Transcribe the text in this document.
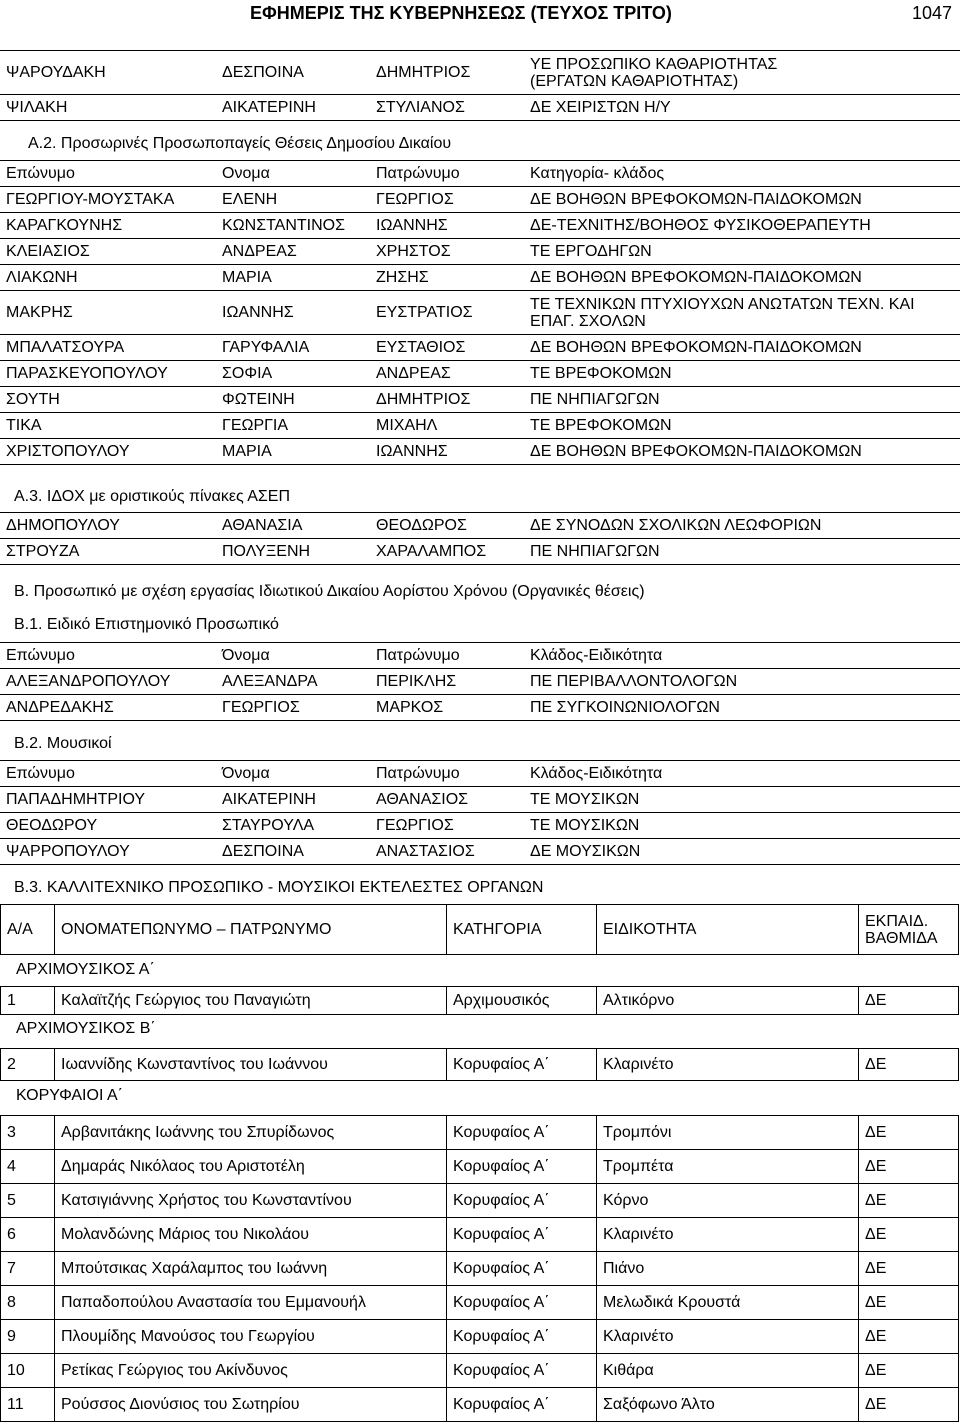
ΕΦΗΜΕΡΙΣ ΤΗΣ ΚΥΒΕΡΝΗΣΕΩΣ (ΤΕΥΧΟΣ ΤΡΙΤΟ)	1047
ΨΑΡΟΥΔΑΚΗ	ΔΕΣΠΟΙΝΑ	ΔΗΜΗΤΡΙΟΣ	ΥΕ ΠΡΟΣΩΠΙΚΟ ΚΑΘΑΡΙΟΤΗΤΑΣ (ΕΡΓΑΤΩΝ ΚΑΘΑΡΙΟΤΗΤΑΣ)
ΨΙΛΑΚΗ	ΑΙΚΑΤΕΡΙΝΗ	ΣΤΥΛΙΑΝΟΣ	ΔΕ ΧΕΙΡΙΣΤΩΝ Η/Υ
Α.2. Προσωρινές Προσωποπαγείς Θέσεις Δημοσίου Δικαίου
Επώνυμο	Ονομα	Πατρώνυμο	Κατηγορία- κλάδος
ΓΕΩΡΓΙΟΥ-ΜΟΥΣΤΑΚΑ	ΕΛΕΝΗ	ΓΕΩΡΓΙΟΣ	ΔΕ ΒΟΗΘΩΝ ΒΡΕΦΟΚΟΜΩΝ-ΠΑΙΔΟΚΟΜΩΝ
ΚΑΡΑΓΚΟΥΝΗΣ	ΚΩΝΣΤΑΝΤΙΝΟΣ	ΙΩΑΝΝΗΣ	ΔΕ-ΤΕΧΝΙΤΗΣ/ΒΟΗΘΟΣ ΦΥΣΙΚΟΘΕΡΑΠΕΥΤΗ
ΚΛΕΙΑΣΙΟΣ	ΑΝΔΡΕΑΣ	ΧΡΗΣΤΟΣ	ΤΕ ΕΡΓΟΔΗΓΩΝ
ΛΙΑΚΩΝΗ	ΜΑΡΙΑ	ΖΗΣΗΣ	ΔΕ ΒΟΗΘΩΝ ΒΡΕΦΟΚΟΜΩΝ-ΠΑΙΔΟΚΟΜΩΝ
ΜΑΚΡΗΣ	ΙΩΑΝΝΗΣ	ΕΥΣΤΡΑΤΙΟΣ	ΤΕ ΤΕΧΝΙΚΩΝ ΠΤΥΧΙΟΥΧΩΝ ΑΝΩΤΑΤΩΝ ΤΕΧΝ. ΚΑΙ ΕΠΑΓ. ΣΧΟΛΩΝ
ΜΠΑΛΑΤΣΟΥΡΑ	ΓΑΡΥΦΑΛΙΑ	ΕΥΣΤΑΘΙΟΣ	ΔΕ ΒΟΗΘΩΝ ΒΡΕΦΟΚΟΜΩΝ-ΠΑΙΔΟΚΟΜΩΝ
ΠΑΡΑΣΚΕΥΟΠΟΥΛΟΥ	ΣΟΦΙΑ	ΑΝΔΡΕΑΣ	ΤΕ ΒΡΕΦΟΚΟΜΩΝ
ΣΟΥΤΗ	ΦΩΤΕΙΝΗ	ΔΗΜΗΤΡΙΟΣ	ΠΕ ΝΗΠΙΑΓΩΓΩΝ
ΤΙΚΑ	ΓΕΩΡΓΙΑ	ΜΙΧΑΗΛ	ΤΕ ΒΡΕΦΟΚΟΜΩΝ
ΧΡΙΣΤΟΠΟΥΛΟΥ	ΜΑΡΙΑ	ΙΩΑΝΝΗΣ	ΔΕ ΒΟΗΘΩΝ ΒΡΕΦΟΚΟΜΩΝ-ΠΑΙΔΟΚΟΜΩΝ
Α.3. ΙΔΟΧ με οριστικούς πίνακες ΑΣΕΠ
ΔΗΜΟΠΟΥΛΟΥ	ΑΘΑΝΑΣΙΑ	ΘΕΟΔΩΡΟΣ	ΔΕ ΣΥΝΟΔΩΝ ΣΧΟΛΙΚΩΝ ΛΕΩΦΟΡΙΩΝ
ΣΤΡΟΥΖΑ	ΠΟΛΥΞΕΝΗ	ΧΑΡΑΛΑΜΠΟΣ	ΠΕ ΝΗΠΙΑΓΩΓΩΝ
Β. Προσωπικό με σχέση εργασίας Ιδιωτικού Δικαίου Αορίστου Χρόνου (Οργανικές θέσεις)
Β.1. Ειδικό Επιστημονικό Προσωπικό
Επώνυμο	Όνομα	Πατρώνυμο	Κλάδος-Ειδικότητα
ΑΛΕΞΑΝΔΡΟΠΟΥΛΟΥ	ΑΛΕΞΑΝΔΡΑ	ΠΕΡΙΚΛΗΣ	ΠΕ ΠΕΡΙΒΑΛΛΟΝΤΟΛΟΓΩΝ
ΑΝΔΡΕΔΑΚΗΣ	ΓΕΩΡΓΙΟΣ	ΜΑΡΚΟΣ	ΠΕ ΣΥΓΚΟΙΝΩΝΙΟΛΟΓΩΝ
Β.2. Μουσικοί
Επώνυμο	Όνομα	Πατρώνυμο	Κλάδος-Ειδικότητα
ΠΑΠΑΔΗΜΗΤΡΙΟΥ	ΑΙΚΑΤΕΡΙΝΗ	ΑΘΑΝΑΣΙΟΣ	ΤΕ ΜΟΥΣΙΚΩΝ
ΘΕΟΔΩΡΟΥ	ΣΤΑΥΡΟΥΛΑ	ΓΕΩΡΓΙΟΣ	ΤΕ ΜΟΥΣΙΚΩΝ
ΨΑΡΡΟΠΟΥΛΟΥ	ΔΕΣΠΟΙΝΑ	ΑΝΑΣΤΑΣΙΟΣ	ΔΕ ΜΟΥΣΙΚΩΝ
Β.3. ΚΑΛΛΙΤΕΧΝΙΚΟ ΠΡΟΣΩΠΙΚΟ - ΜΟΥΣΙΚΟΙ ΕΚΤΕΛΕΣΤΕΣ ΟΡΓΑΝΩΝ
Α/Α	ΟΝΟΜΑΤΕΠΩΝΥΜΟ – ΠΑΤΡΩΝΥΜΟ	ΚΑΤΗΓΟΡΙΑ	ΕΙΔΙΚΟΤΗΤΑ	ΕΚΠΑΙΔ. ΒΑΘΜΙΔΑ
ΑΡΧΙΜΟΥΣΙΚΟΣ Α΄
1	Καλαϊτζής Γεώργιος του Παναγιώτη	Αρχιμουσικός	Αλτικόρνο	ΔΕ
ΑΡΧΙΜΟΥΣΙΚΟΣ Β΄
2	Ιωαννίδης Κωνσταντίνος του Ιωάννου	Κορυφαίος Α΄	Κλαρινέτο	ΔΕ
ΚΟΡΥΦΑΙΟΙ Α΄
3	Αρβανιτάκης Ιωάννης του Σπυρίδωνος	Κορυφαίος Α΄	Τρομπόνι	ΔΕ
4	Δημαράς Νικόλαος του Αριστοτέλη	Κορυφαίος Α΄	Τρομπέτα	ΔΕ
5	Κατσιγιάννης Χρήστος του Κωνσταντίνου	Κορυφαίος Α΄	Κόρνο	ΔΕ
6	Μολανδώνης Μάριος του Νικολάου	Κορυφαίος Α΄	Κλαρινέτο	ΔΕ
7	Μπούτσικας Χαράλαμπος του Ιωάννη	Κορυφαίος Α΄	Πιάνο	ΔΕ
8	Παπαδοπούλου Αναστασία του Εμμανουήλ	Κορυφαίος Α΄	Μελωδικά Κρουστά	ΔΕ
9	Πλουμίδης Μανούσος του Γεωργίου	Κορυφαίος Α΄	Κλαρινέτο	ΔΕ
10	Ρετίκας Γεώργιος του Ακίνδυνος	Κορυφαίος Α΄	Κιθάρα	ΔΕ
11	Ρούσσος Διονύσιος του Σωτηρίου	Κορυφαίος Α΄	Σαξόφωνο Άλτο	ΔΕ
